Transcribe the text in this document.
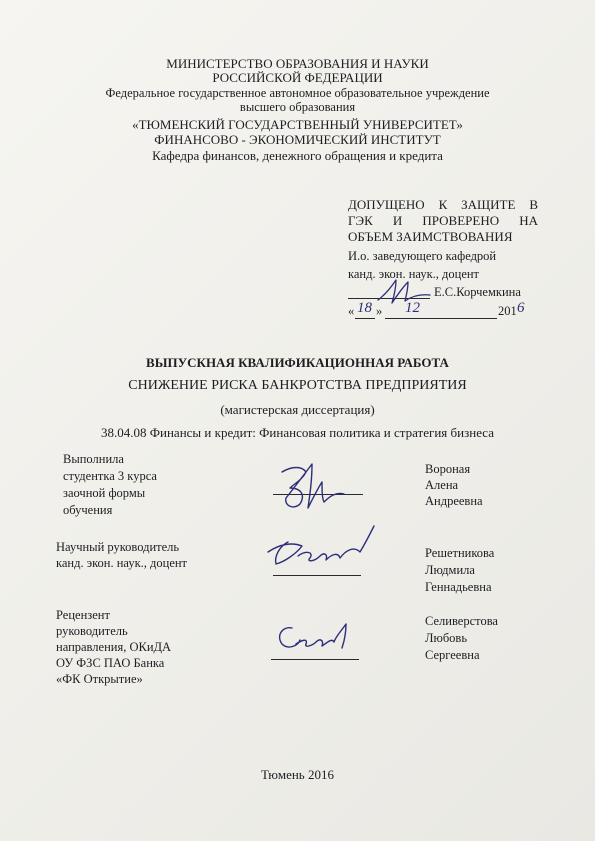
МИНИСТЕРСТВО ОБРАЗОВАНИЯ И НАУКИ
РОССИЙСКОЙ ФЕДЕРАЦИИ
Федеральное государственное автономное образовательное учреждение
высшего образования
«ТЮМЕНСКИЙ ГОСУДАРСТВЕННЫЙ УНИВЕРСИТЕТ»
ФИНАНСОВО - ЭКОНОМИЧЕСКИЙ ИНСТИТУТ
Кафедра финансов, денежного обращения и кредита
ДОПУЩЕНО К ЗАЩИТЕ В
ГЭК И ПРОВЕРЕНО НА
ОБЪЕМ ЗАИМСТВОВАНИЯ
И.о. заведующего кафедрой
канд. экон. наук., доцент
Е.С.Корчемкина
« 18 » 12	201 6
ВЫПУСКНАЯ КВАЛИФИКАЦИОННАЯ РАБОТА
СНИЖЕНИЕ РИСКА БАНКРОТСТВА ПРЕДПРИЯТИЯ
(магистерская диссертация)
38.04.08 Финансы и кредит: Финансовая политика и стратегия бизнеса
Выполнила
студентка 3 курса
заочной формы
обучения
Вороная
Алена
Андреевна
Научный руководитель
канд. экон. наук., доцент
Решетникова
Людмила
Геннадьевна
Рецензент
руководитель
направления, ОКиДА
ОУ ФЗС ПАО Банка
«ФК Открытие»
Селиверстова
Любовь
Сергеевна
Тюмень 2016
